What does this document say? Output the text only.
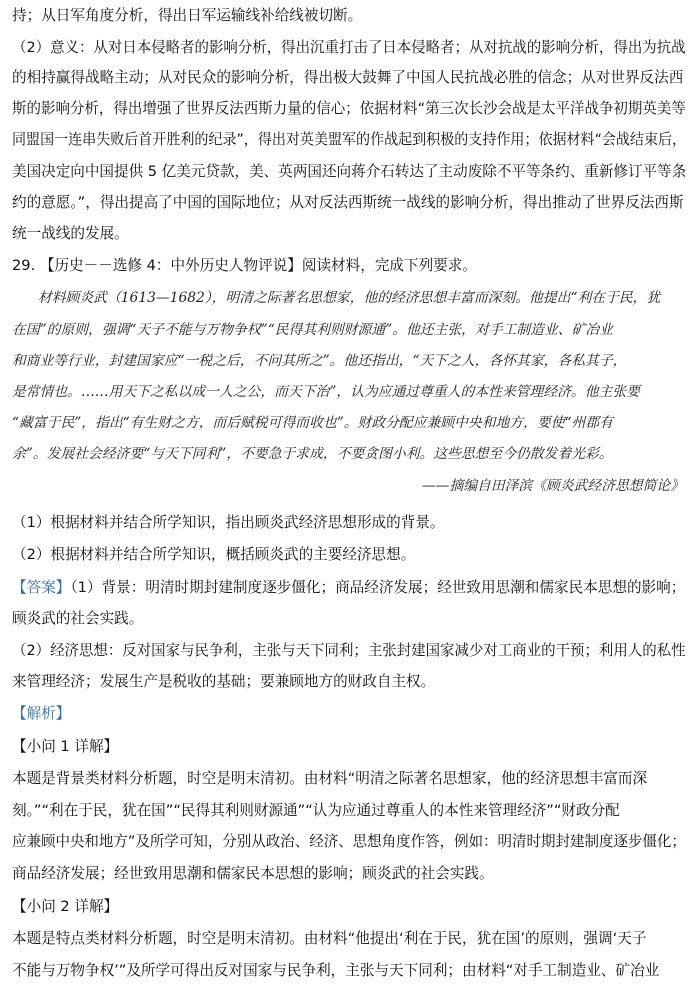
持；从日军角度分析，得出日军运输线补给线被切断。
（2）意义：从对日本侵略者的影响分析，得出沉重打击了日本侵略者；从对抗战的影响分析，得出为抗战
的相持赢得战略主动；从对民众的影响分析，得出极大鼓舞了中国人民抗战必胜的信念；从对世界反法西
斯的影响分析，得出增强了世界反法西斯力量的信心；依据材料“第三次长沙会战是太平洋战争初期英美等
同盟国一连串失败后首开胜利的纪录”，得出对英美盟军的作战起到积极的支持作用；依据材料“会战结束后，
美国决定向中国提供 5 亿美元贷款，美、英两国还向蒋介石转达了主动废除不平等条约、重新修订平等条
约的意愿。”，得出提高了中国的国际地位；从对反法西斯统一战线的影响分析，得出推动了世界反法西斯
统一战线的发展。
29. 【历史－－选修 4：中外历史人物评说】阅读材料，完成下列要求。
材料顾炎武（1613—1682），明清之际著名思想家，他的经济思想丰富而深刻。他提出“利在于民，犹
在国”的原则，强调“天子不能与万物争权”“民得其利则财源通”。他还主张，对手工制造业、矿冶业
和商业等行业，封建国家应“一税之后，不问其所之”。他还指出，“天下之人，各怀其家，各私其子，
是常情也。……用天下之私以成一人之公，而天下治”，认为应通过尊重人的本性来管理经济。他主张要
“藏富于民”，指出“有生财之方，而后赋税可得而收也”。财政分配应兼顾中央和地方，要使“州郡有
余”。发展社会经济要“与天下同利”，不要急于求成，不要贪图小利。这些思想至今仍散发着光彩。
——摘编自田泽滨《顾炎武经济思想简论》
（1）根据材料并结合所学知识，指出顾炎武经济思想形成的背景。
（2）根据材料并结合所学知识，概括顾炎武的主要经济思想。
【答案】（1）背景：明清时期封建制度逐步僵化；商品经济发展；经世致用思潮和儒家民本思想的影响；
顾炎武的社会实践。
（2）经济思想：反对国家与民争利，主张与天下同利；主张封建国家减少对工商业的干预；利用人的私性
来管理经济；发展生产是税收的基础；要兼顾地方的财政自主权。
【解析】
【小问 1 详解】
本题是背景类材料分析题，时空是明末清初。由材料“明清之际著名思想家，他的经济思想丰富而深
刻。”“利在于民，犹在国”“民得其利则财源通”“认为应通过尊重人的本性来管理经济”“财政分配
应兼顾中央和地方”及所学可知，分别从政治、经济、思想角度作答，例如：明清时期封建制度逐步僵化；
商品经济发展；经世致用思潮和儒家民本思想的影响；顾炎武的社会实践。
【小问 2 详解】
本题是特点类材料分析题，时空是明末清初。由材料“他提出‘利在于民，犹在国’的原则，强调‘天子
不能与万物争权’”及所学可得出反对国家与民争利，主张与天下同利；由材料“对手工制造业、矿冶业
